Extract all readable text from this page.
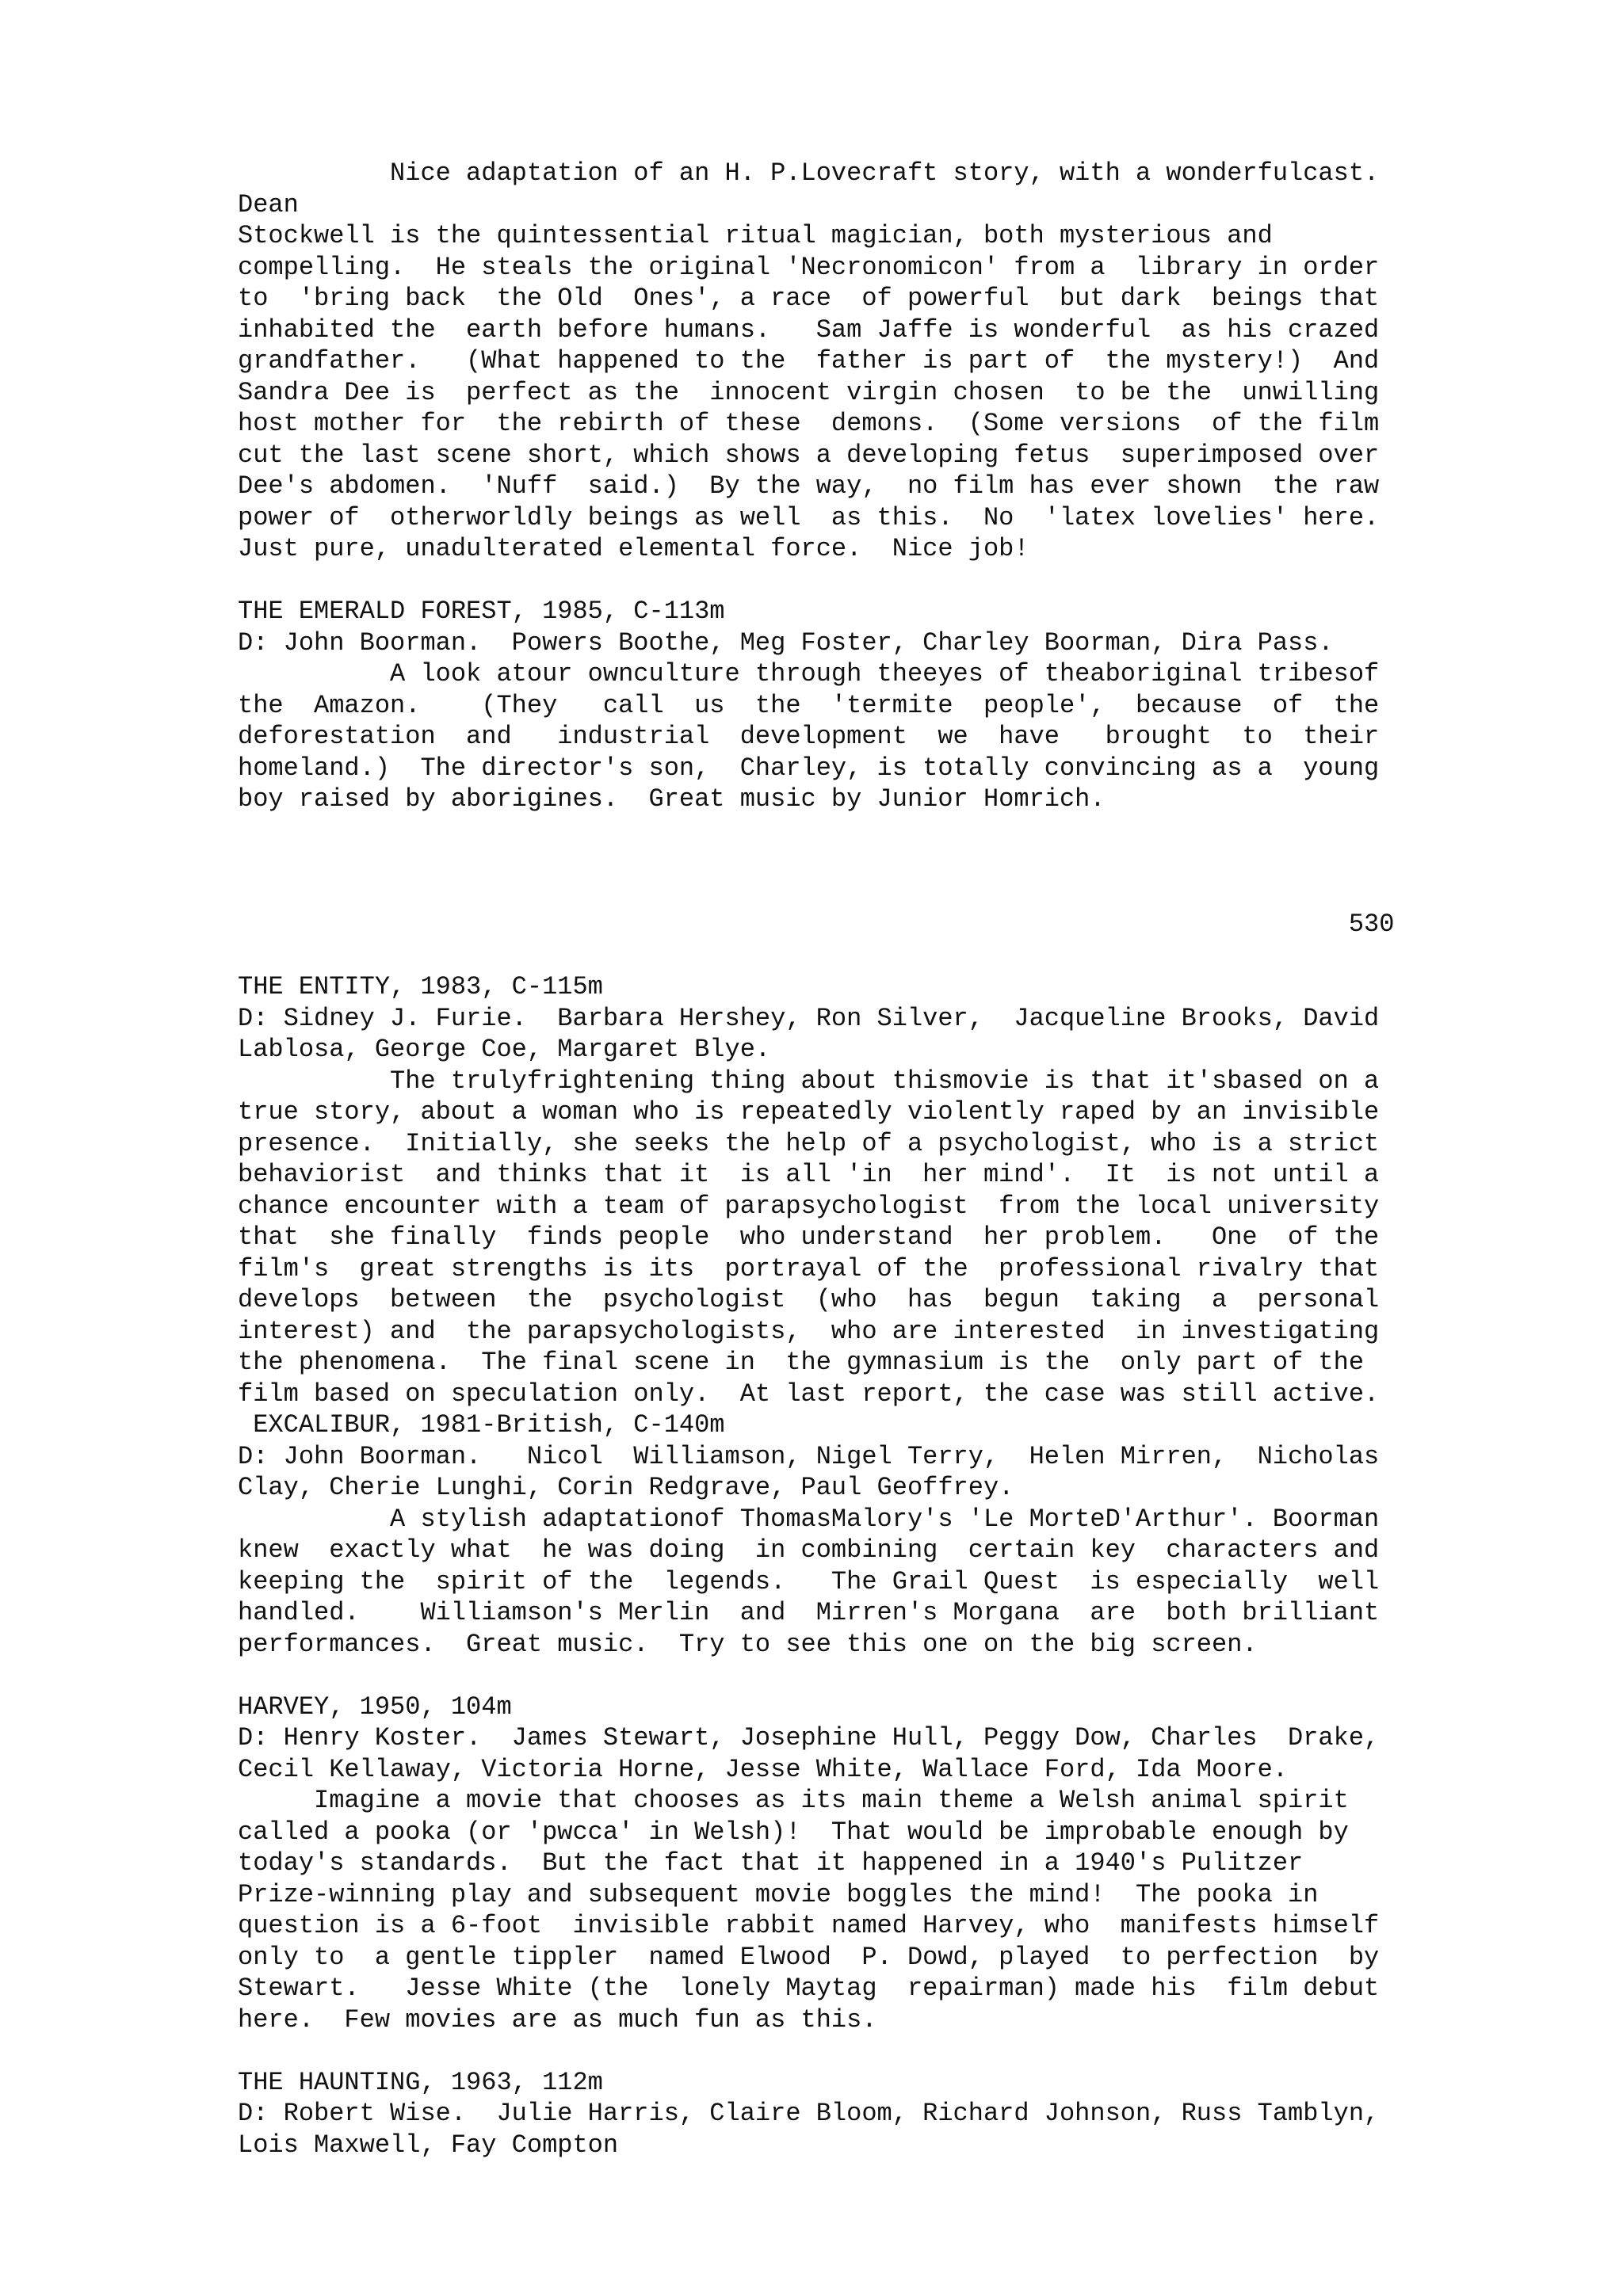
Nice adaptation of an H. P.Lovecraft story, with a wonderfulcast.

Dean

Stockwell is the quintessential ritual magician, both mysterious and

compelling.  He steals the original 'Necronomicon' from a  library in order

to  'bring back  the Old  Ones', a race  of powerful  but dark  beings that

inhabited the  earth before humans.   Sam Jaffe is wonderful  as his crazed

grandfather.   (What happened to the  father is part of  the mystery!)  And

Sandra Dee is  perfect as the  innocent virgin chosen  to be the  unwilling

host mother for  the rebirth of these  demons.  (Some versions  of the film

cut the last scene short, which shows a developing fetus  superimposed over

Dee's abdomen.  'Nuff  said.)  By the way,  no film has ever shown  the raw

power of  otherworldly beings as well  as this.  No  'latex lovelies' here.

Just pure, unadulterated elemental force.  Nice job!

THE EMERALD FOREST, 1985, C-113m

D: John Boorman.  Powers Boothe, Meg Foster, Charley Boorman, Dira Pass.

A look atour ownculture through theeyes of theaboriginal tribesof

the  Amazon.    (They   call  us  the  'termite  people',  because  of  the

deforestation  and   industrial  development  we  have   brought  to  their

homeland.)  The director's son,  Charley, is totally convincing as a  young

boy raised by aborigines.  Great music by Junior Homrich.

530

THE ENTITY, 1983, C-115m

D: Sidney J. Furie.  Barbara Hershey, Ron Silver,  Jacqueline Brooks, David

Lablosa, George Coe, Margaret Blye.

The trulyfrightening thing about thismovie is that it'sbased on a

true story, about a woman who is repeatedly violently raped by an invisible

presence.  Initially, she seeks the help of a psychologist, who is a strict

behaviorist  and thinks that it  is all 'in  her mind'.  It  is not until a

chance encounter with a team of parapsychologist  from the local university

that  she finally  finds people  who understand  her problem.   One  of the

film's  great strengths is its  portrayal of the  professional rivalry that

develops  between  the  psychologist  (who  has  begun  taking  a  personal

interest) and  the parapsychologists,  who are interested  in investigating

the phenomena.  The final scene in  the gymnasium is the  only part of the

film based on speculation only.  At last report, the case was still active.

EXCALIBUR, 1981-British, C-140m

D: John Boorman.   Nicol  Williamson, Nigel Terry,  Helen Mirren,  Nicholas

Clay, Cherie Lunghi, Corin Redgrave, Paul Geoffrey.

A stylish adaptationof ThomasMalory's 'Le MorteD'Arthur'. Boorman

knew  exactly what  he was doing  in combining  certain key  characters and

keeping the  spirit of the  legends.   The Grail Quest  is especially  well

handled.    Williamson's Merlin  and  Mirren's Morgana  are  both brilliant

performances.  Great music.  Try to see this one on the big screen.

HARVEY, 1950, 104m

D: Henry Koster.  James Stewart, Josephine Hull, Peggy Dow, Charles  Drake,

Cecil Kellaway, Victoria Horne, Jesse White, Wallace Ford, Ida Moore.

Imagine a movie that chooses as its main theme a Welsh animal spirit

called a pooka (or 'pwcca' in Welsh)!  That would be improbable enough by

today's standards.  But the fact that it happened in a 1940's Pulitzer

Prize-winning play and subsequent movie boggles the mind!  The pooka in

question is a 6-foot  invisible rabbit named Harvey, who  manifests himself

only to  a gentle tippler  named Elwood  P. Dowd, played  to perfection  by

Stewart.   Jesse White (the  lonely Maytag  repairman) made his  film debut

here.  Few movies are as much fun as this.

THE HAUNTING, 1963, 112m

D: Robert Wise.  Julie Harris, Claire Bloom, Richard Johnson, Russ Tamblyn,

Lois Maxwell, Fay Compton
